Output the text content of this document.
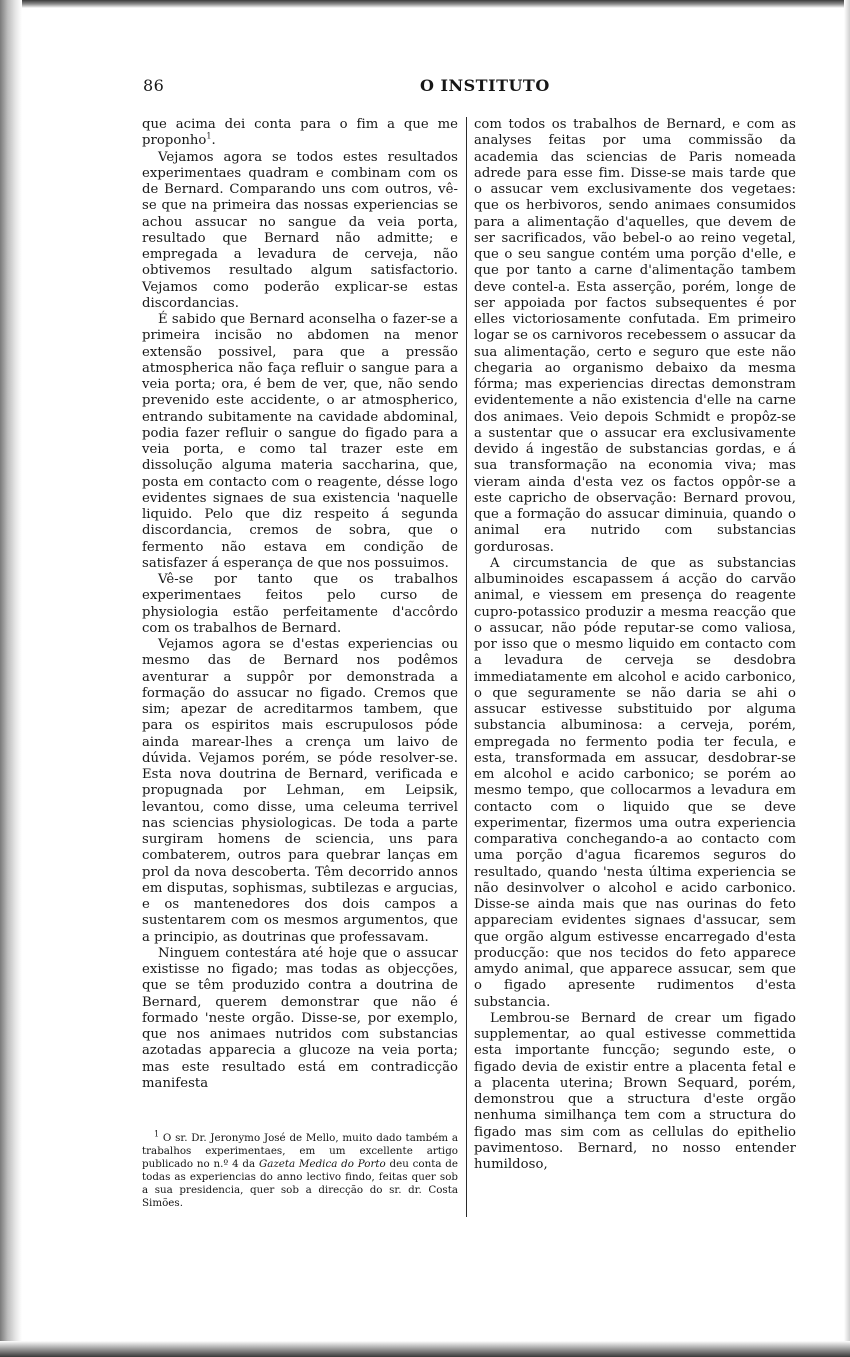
86	O INSTITUTO

que acima dei conta para o fim a que me proponho$^1$.

Vejamos agora se todos estes resultados experimentaes quadram e combinam com os de Bernard. Comparando uns com outros, vê-se que na primeira das nossas experiencias se achou assucar no sangue da veia porta, resultado que Bernard não admitte; e empregada a levadura de cerveja, não obtivemos resultado algum satisfactorio. Vejamos como poderão explicar-se estas discordancias.

É sabido que Bernard aconselha o fazer-se a primeira incisão no abdomen na menor extensão possivel, para que a pressão atmospherica não faça refluir o sangue para a veia porta; ora, é bem de ver, que, não sendo prevenido este accidente, o ar atmospherico, entrando subitamente na cavidade abdominal, podia fazer refluir o sangue do figado para a veia porta, e como tal trazer este em dissolução alguma materia saccharina, que, posta em contacto com o reagente, désse logo evidentes signaes de sua existencia 'naquelle liquido. Pelo que diz respeito á segunda discordancia, cremos de sobra, que o fermento não estava em condição de satisfazer á esperança de que nos possuimos.

Vê-se por tanto que os trabalhos experimentaes feitos pelo curso de physiologia estão perfeitamente d'accôrdo com os trabalhos de Bernard.

Vejamos agora se d'estas experiencias ou mesmo das de Bernard nos podêmos aventurar a suppôr por demonstrada a formação do assucar no figado. Cremos que sim; apezar de acreditarmos tambem, que para os espiritos mais escrupulosos póde ainda marear-lhes a crença um laivo de dúvida. Vejamos porém, se póde resolver-se. Esta nova doutrina de Bernard, verificada e propugnada por Lehman, em Leipsik, levantou, como disse, uma celeuma terrivel nas sciencias physiologicas. De toda a parte surgiram homens de sciencia, uns para combaterem, outros para quebrar lanças em prol da nova descoberta. Têm decorrido annos em disputas, sophismas, subtilezas e argucias, e os mantenedores dos dois campos a sustentarem com os mesmos argumentos, que a principio, as doutrinas que professavam.

Ninguem contestára até hoje que o assucar existisse no figado; mas todas as objecções, que se têm produzido contra a doutrina de Bernard, querem demonstrar que não é formado 'neste orgão. Disse-se, por exemplo, que nos animaes nutridos com substancias azotadas apparecia a glucoze na veia porta; mas este resultado está em contradicção manifesta

$^1$ O sr. Dr. Jeronymo José de Mello, muito dado também a trabalhos experimentaes, em um excellente artigo publicado no n.º 4 da Gazeta Medica do Porto deu conta de todas as experiencias do anno lectivo findo, feitas quer sob a sua presidencia, quer sob a direcção do sr. dr. Costa Simões.

com todos os trabalhos de Bernard, e com as analyses feitas por uma commissão da academia das sciencias de Paris nomeada adrede para esse fim. Disse-se mais tarde que o assucar vem exclusivamente dos vegetaes: que os herbivoros, sendo animaes consumidos para a alimentação d'aquelles, que devem de ser sacrificados, vão bebel-o ao reino vegetal, que o seu sangue contém uma porção d'elle, e que por tanto a carne d'alimentação tambem deve contel-a. Esta asserção, porém, longe de ser appoiada por factos subsequentes é por elles victoriosamente confutada. Em primeiro logar se os carnivoros recebessem o assucar da sua alimentação, certo e seguro que este não chegaria ao organismo debaixo da mesma fórma; mas experiencias directas demonstram evidentemente a não existencia d'elle na carne dos animaes. Veio depois Schmidt e propôz-se a sustentar que o assucar era exclusivamente devido á ingestão de substancias gordas, e á sua transformação na economia viva; mas vieram ainda d'esta vez os factos oppôr-se a este capricho de observação: Bernard provou, que a formação do assucar diminuia, quando o animal era nutrido com substancias gordurosas.

A circumstancia de que as substancias albuminoides escapassem á acção do carvão animal, e viessem em presença do reagente cupro-potassico produzir a mesma reacção que o assucar, não póde reputar-se como valiosa, por isso que o mesmo liquido em contacto com a levadura de cerveja se desdobra immediatamente em alcohol e acido carbonico, o que seguramente se não daria se ahi o assucar estivesse substituido por alguma substancia albuminosa: a cerveja, porém, empregada no fermento podia ter fecula, e esta, transformada em assucar, desdobrar-se em alcohol e acido carbonico; se porém ao mesmo tempo, que collocarmos a levadura em contacto com o liquido que se deve experimentar, fizermos uma outra experiencia comparativa conchegando-a ao contacto com uma porção d'agua ficaremos seguros do resultado, quando 'nesta última experiencia se não desinvolver o alcohol e acido carbonico. Disse-se ainda mais que nas ourinas do feto appareciam evidentes signaes d'assucar, sem que orgão algum estivesse encarregado d'esta producção: que nos tecidos do feto apparece amydo animal, que apparece assucar, sem que o figado apresente rudimentos d'esta substancia.

Lembrou-se Bernard de crear um figado supplementar, ao qual estivesse commettida esta importante funcção; segundo este, o figado devia de existir entre a placenta fetal e a placenta uterina; Brown Sequard, porém, demonstrou que a structura d'este orgão nenhuma similhança tem com a structura do figado mas sim com as cellulas do epithelio pavimentoso. Bernard, no nosso entender humildoso,
